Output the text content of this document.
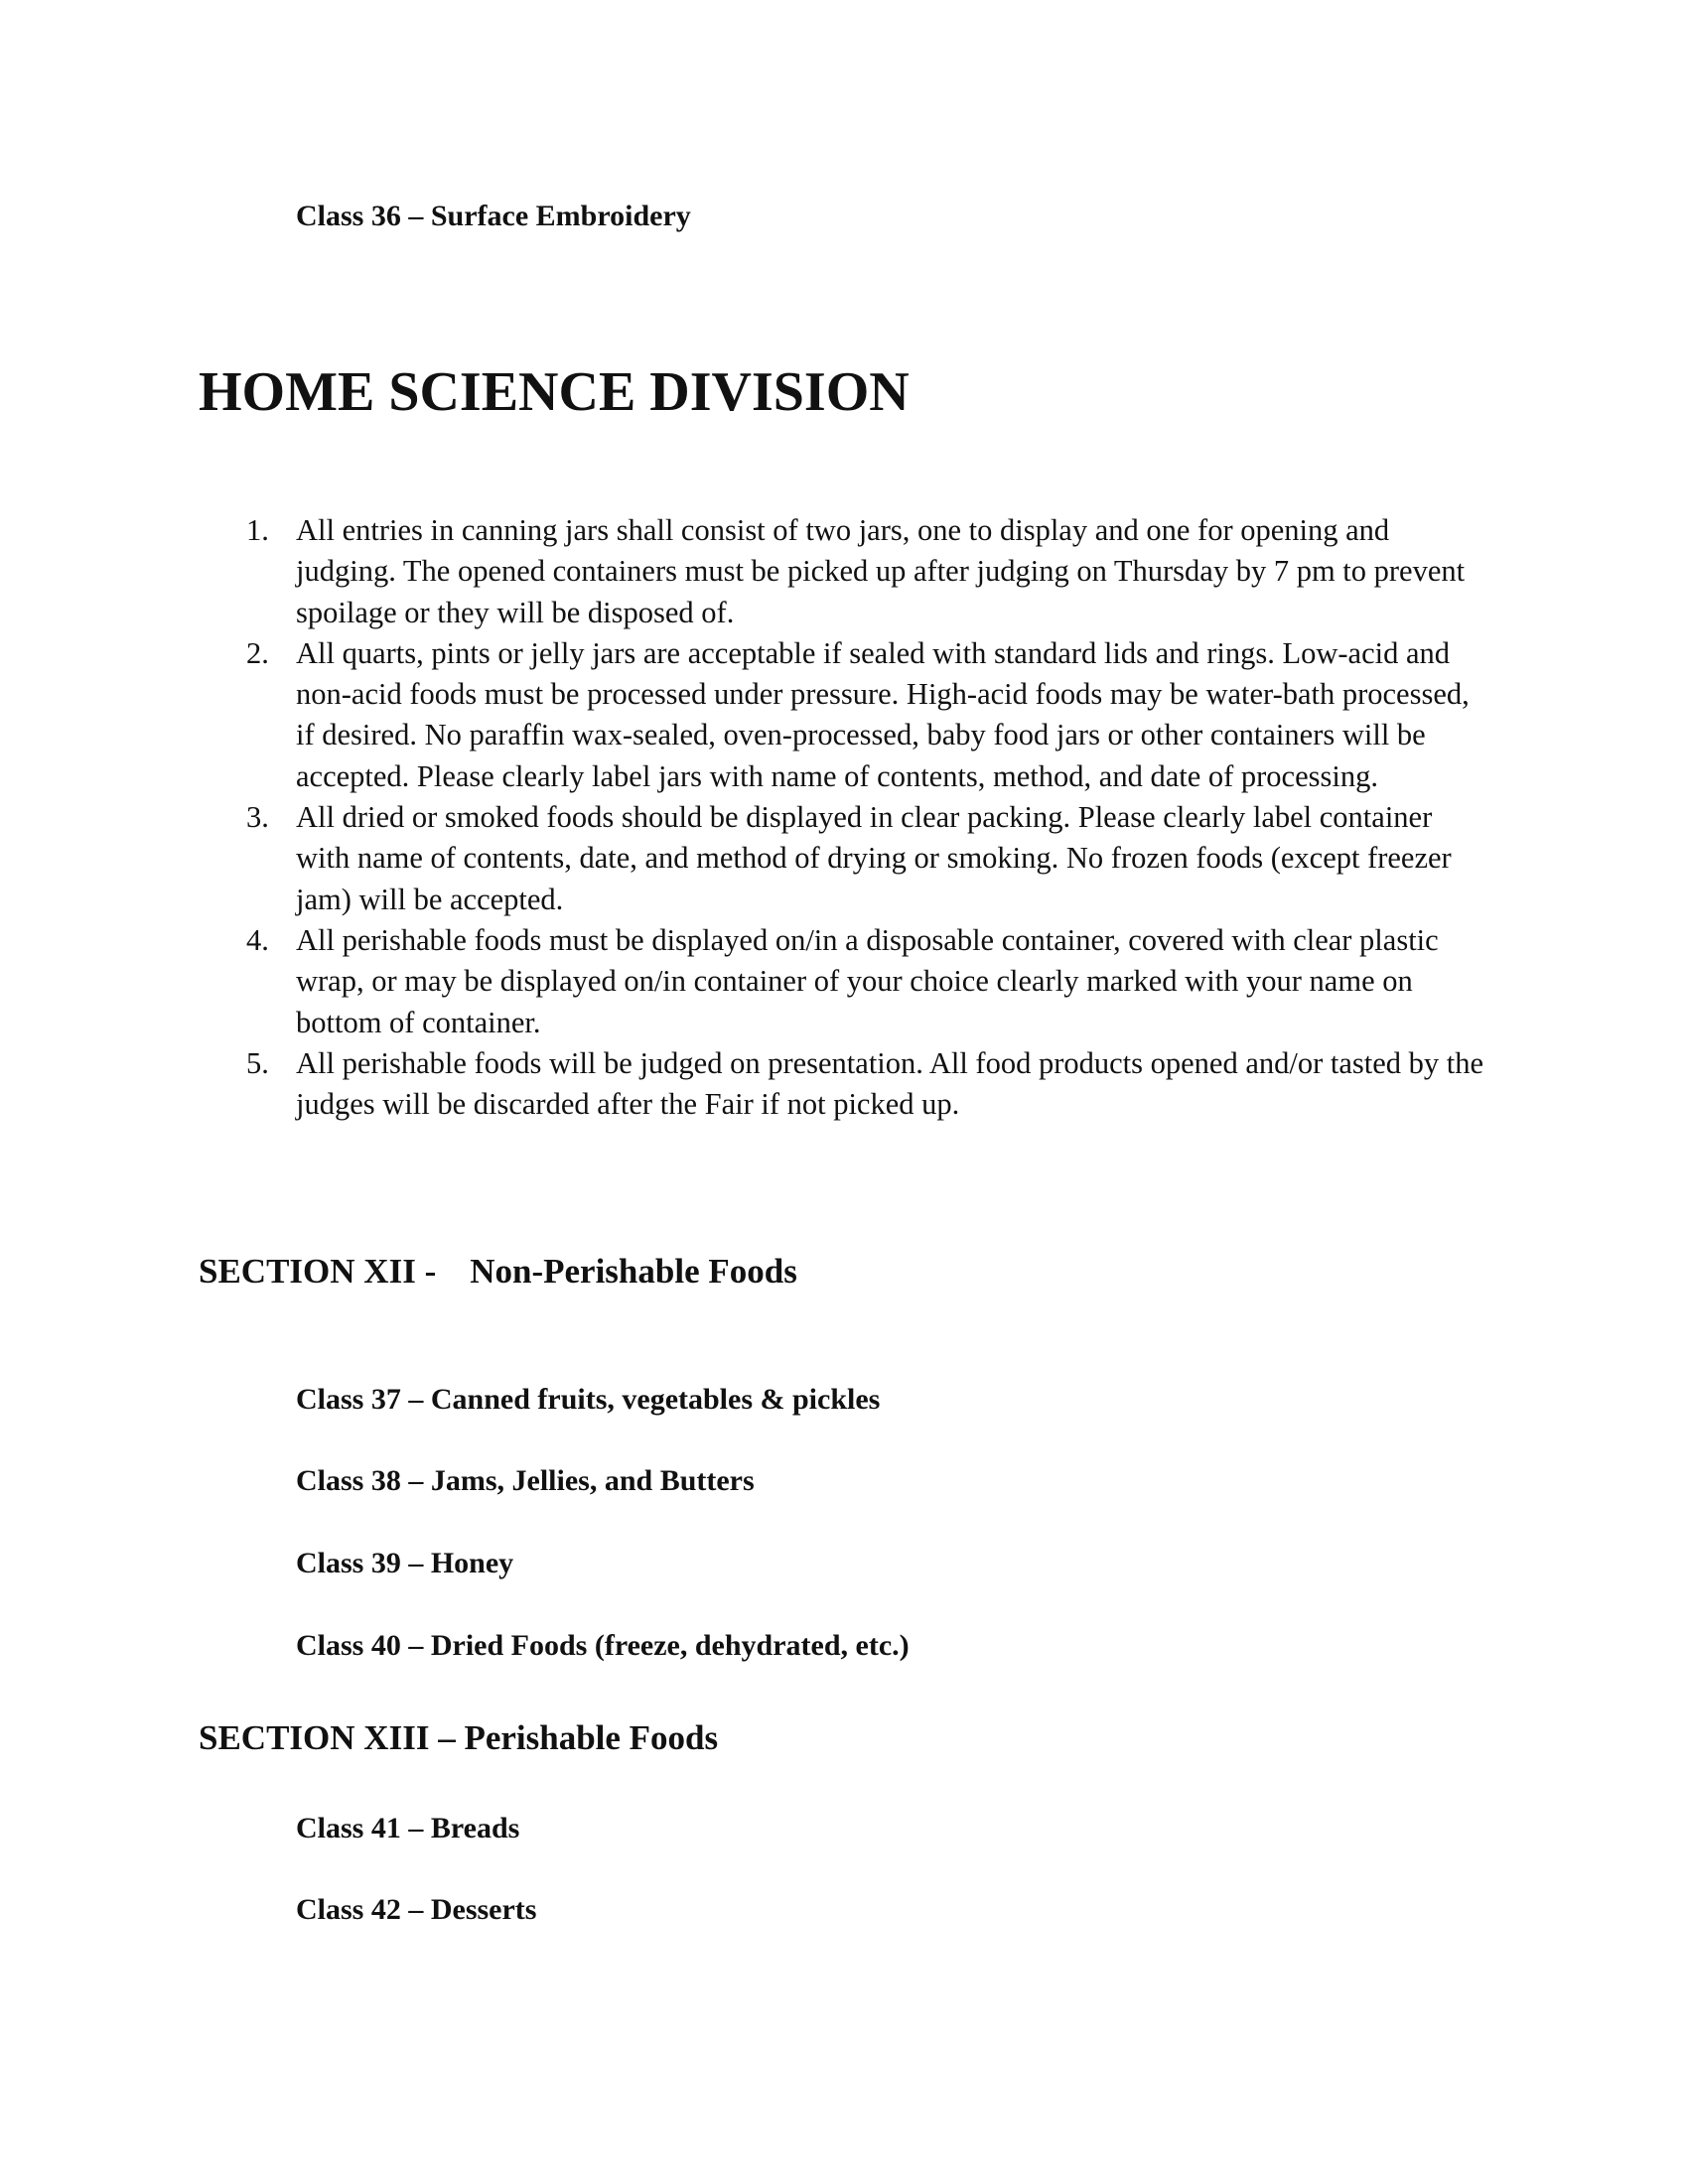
Class 36 – Surface Embroidery
HOME SCIENCE DIVISION
1. All entries in canning jars shall consist of two jars, one to display and one for opening and judging. The opened containers must be picked up after judging on Thursday by 7 pm to prevent spoilage or they will be disposed of.
2. All quarts, pints or jelly jars are acceptable if sealed with standard lids and rings. Low-acid and non-acid foods must be processed under pressure. High-acid foods may be water-bath processed, if desired. No paraffin wax-sealed, oven-processed, baby food jars or other containers will be accepted. Please clearly label jars with name of contents, method, and date of processing.
3. All dried or smoked foods should be displayed in clear packing. Please clearly label container with name of contents, date, and method of drying or smoking. No frozen foods (except freezer jam) will be accepted.
4. All perishable foods must be displayed on/in a disposable container, covered with clear plastic wrap, or may be displayed on/in container of your choice clearly marked with your name on bottom of container.
5. All perishable foods will be judged on presentation. All food products opened and/or tasted by the judges will be discarded after the Fair if not picked up.
SECTION XII - Non-Perishable Foods
Class 37 – Canned fruits, vegetables & pickles
Class 38 – Jams, Jellies, and Butters
Class 39 – Honey
Class 40 – Dried Foods (freeze, dehydrated, etc.)
SECTION XIII – Perishable Foods
Class 41 – Breads
Class 42 – Desserts
